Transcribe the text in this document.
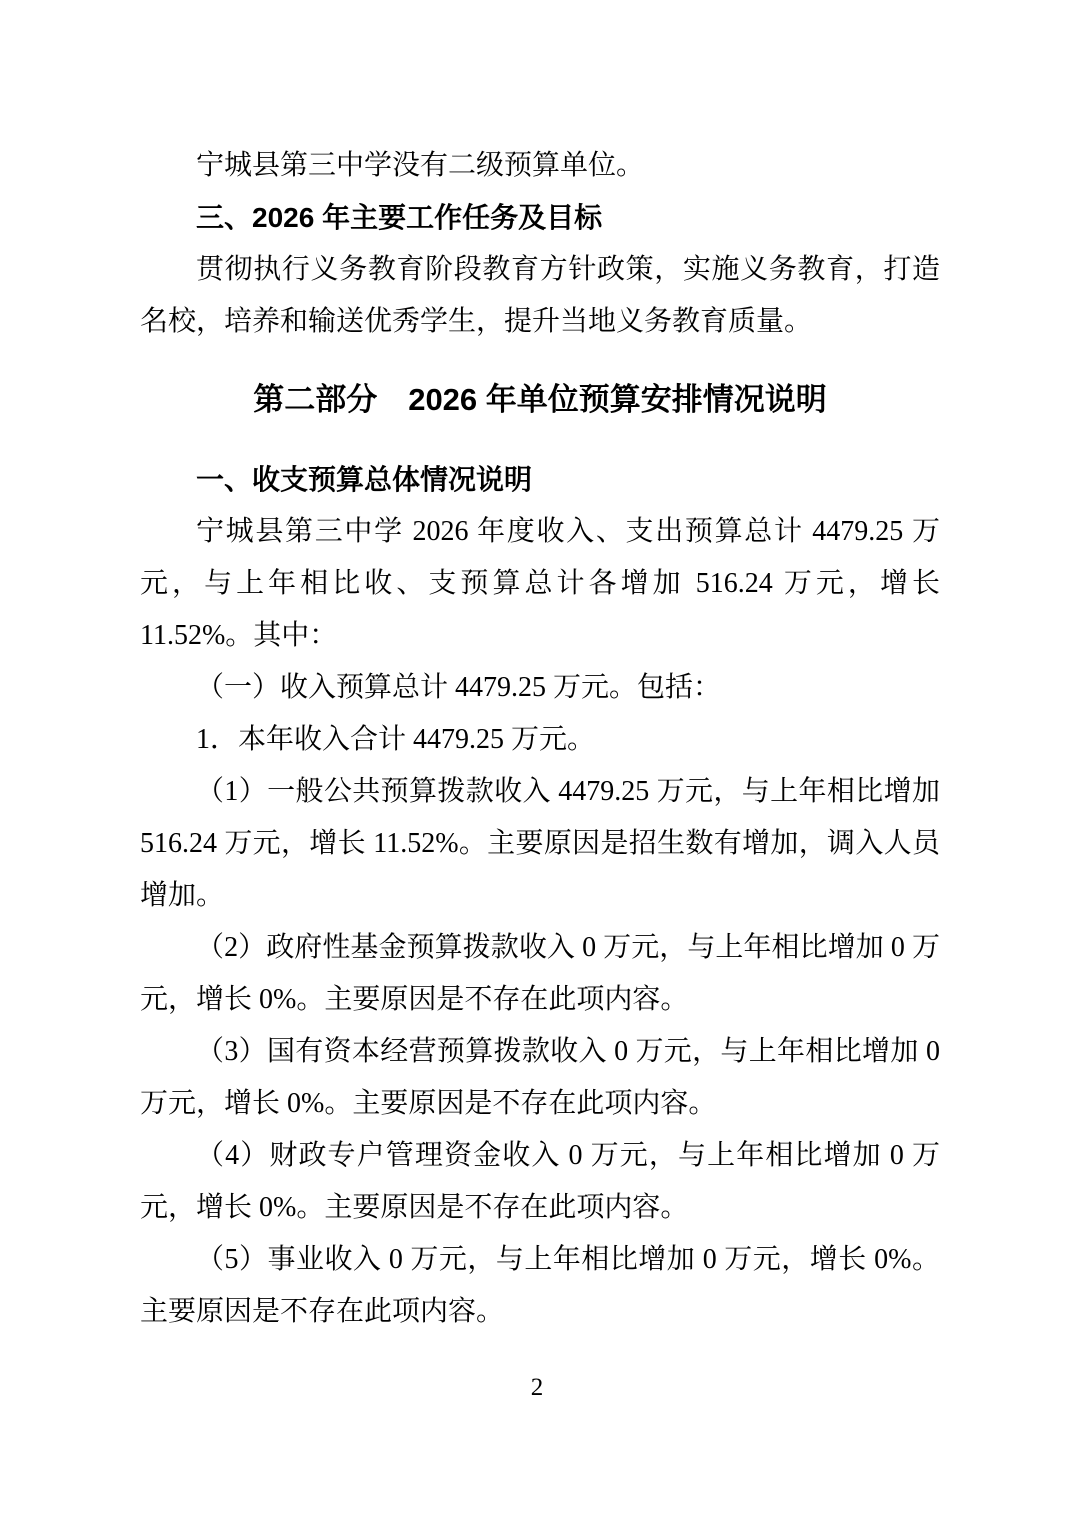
宁城县第三中学没有二级预算单位。

三、2026 年主要工作任务及目标

贯彻执行义务教育阶段教育方针政策，实施义务教育，打造名校，培养和输送优秀学生，提升当地义务教育质量。

第二部分　2026 年单位预算安排情况说明
一、收支预算总体情况说明

宁城县第三中学 2026 年度收入、支出预算总计 4479.25 万元，与上年相比收、支预算总计各增加 516.24 万元，增长 11.52%。其中：

（一）收入预算总计 4479.25 万元。包括：

1．本年收入合计 4479.25 万元。

（1）一般公共预算拨款收入 4479.25 万元，与上年相比增加 516.24 万元，增长 11.52%。主要原因是招生数有增加，调入人员增加。

（2）政府性基金预算拨款收入 0 万元，与上年相比增加 0 万元，增长 0%。主要原因是不存在此项内容。

（3）国有资本经营预算拨款收入 0 万元，与上年相比增加 0 万元，增长 0%。主要原因是不存在此项内容。

（4）财政专户管理资金收入 0 万元，与上年相比增加 0 万元，增长 0%。主要原因是不存在此项内容。

（5）事业收入 0 万元，与上年相比增加 0 万元，增长 0%。主要原因是不存在此项内容。

2
